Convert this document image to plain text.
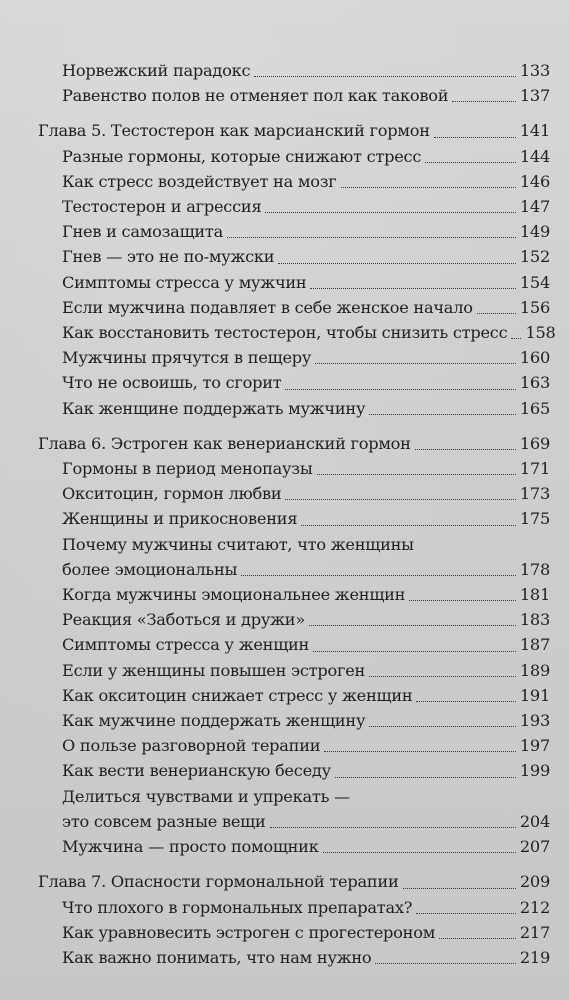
Норвежский парадокс	133
Равенство полов не отменяет пол как таковой	137
Глава 5. Тестостерон как марсианский гормон	141
Разные гормоны, которые снижают стресс	144
Как стресс воздействует на мозг	146
Тестостерон и агрессия	147
Гнев и самозащита	149
Гнев — это не по-мужски	152
Симптомы стресса у мужчин	154
Если мужчина подавляет в себе женское начало	156
Как восстановить тестостерон, чтобы снизить стресс 158
Мужчины прячутся в пещеру	160
Что не освоишь, то сгорит	163
Как женщине поддержать мужчину	165
Глава 6. Эстроген как венерианский гормон	169
Гормоны в период менопаузы	171
Окситоцин, гормон любви	173
Женщины и прикосновения	175
Почему мужчины считают, что женщины
более эмоциональны	178
Когда мужчины эмоциональнее женщин	181
Реакция «Заботься и дружи»	183
Симптомы стресса у женщин	187
Если у женщины повышен эстроген	189
Как окситоцин снижает стресс у женщин	191
Как мужчине поддержать женщину	193
О пользе разговорной терапии	197
Как вести венерианскую беседу	199
Делиться чувствами и упрекать —
это совсем разные вещи	204
Мужчина — просто помощник	207
Глава 7. Опасности гормональной терапии	209
Что плохого в гормональных препаратах?	212
Как уравновесить эстроген с прогестероном	217
Как важно понимать, что нам нужно	219
